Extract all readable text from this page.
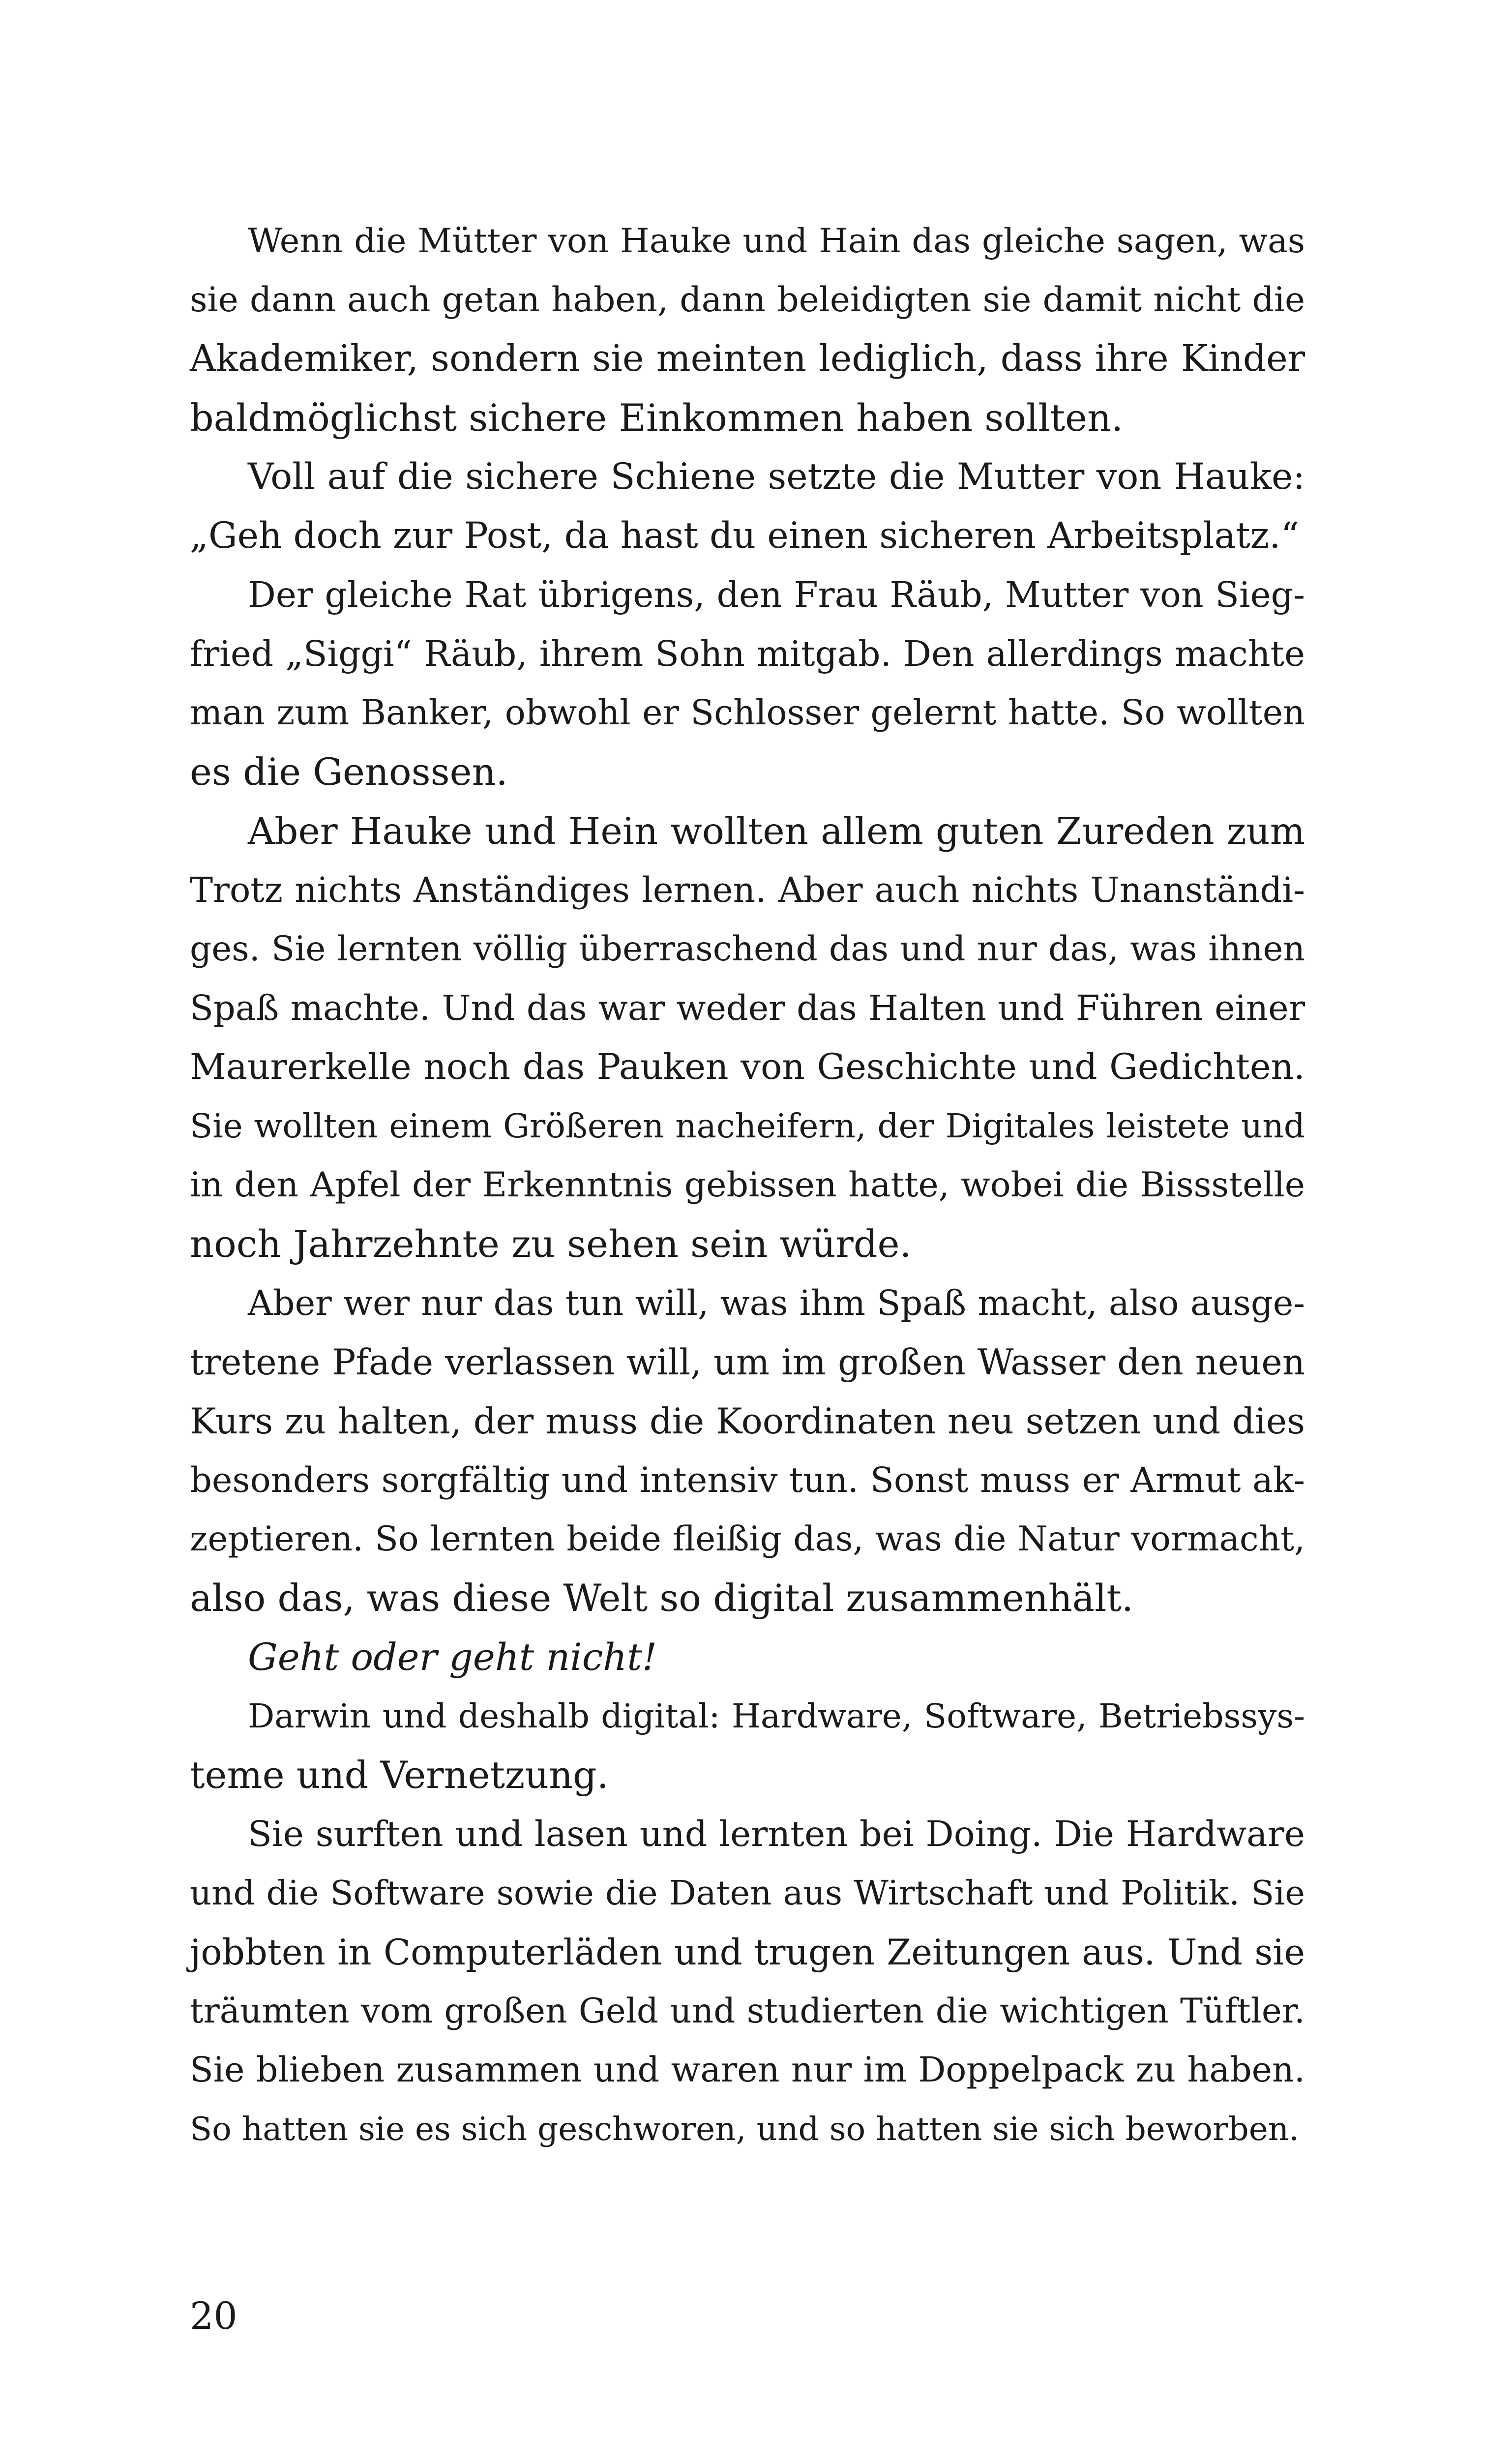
Wenn die Mütter von Hauke und Hain das gleiche sagen, was
sie dann auch getan haben, dann beleidigten sie damit nicht die
Akademiker, sondern sie meinten lediglich, dass ihre Kinder
baldmöglichst sichere Einkommen haben sollten.
Voll auf die sichere Schiene setzte die Mutter von Hauke:
„Geh doch zur Post, da hast du einen sicheren Arbeitsplatz.“
Der gleiche Rat übrigens, den Frau Räub, Mutter von Sieg-
fried „Siggi“ Räub, ihrem Sohn mitgab. Den allerdings machte
man zum Banker, obwohl er Schlosser gelernt hatte. So wollten
es die Genossen.
Aber Hauke und Hein wollten allem guten Zureden zum
Trotz nichts Anständiges lernen. Aber auch nichts Unanständi-
ges. Sie lernten völlig überraschend das und nur das, was ihnen
Spaß machte. Und das war weder das Halten und Führen einer
Maurerkelle noch das Pauken von Geschichte und Gedichten.
Sie wollten einem Größeren nacheifern, der Digitales leistete und
in den Apfel der Erkenntnis gebissen hatte, wobei die Bissstelle
noch Jahrzehnte zu sehen sein würde.
Aber wer nur das tun will, was ihm Spaß macht, also ausge-
tretene Pfade verlassen will, um im großen Wasser den neuen
Kurs zu halten, der muss die Koordinaten neu setzen und dies
besonders sorgfältig und intensiv tun. Sonst muss er Armut ak-
zeptieren. So lernten beide fleißig das, was die Natur vormacht,
also das, was diese Welt so digital zusammenhält.
Geht oder geht nicht!
Darwin und deshalb digital: Hardware, Software, Betriebssys-
teme und Vernetzung.
Sie surften und lasen und lernten bei Doing. Die Hardware
und die Software sowie die Daten aus Wirtschaft und Politik. Sie
jobbten in Computerläden und trugen Zeitungen aus. Und sie
träumten vom großen Geld und studierten die wichtigen Tüftler.
Sie blieben zusammen und waren nur im Doppelpack zu haben.
So hatten sie es sich geschworen, und so hatten sie sich beworben.
20
